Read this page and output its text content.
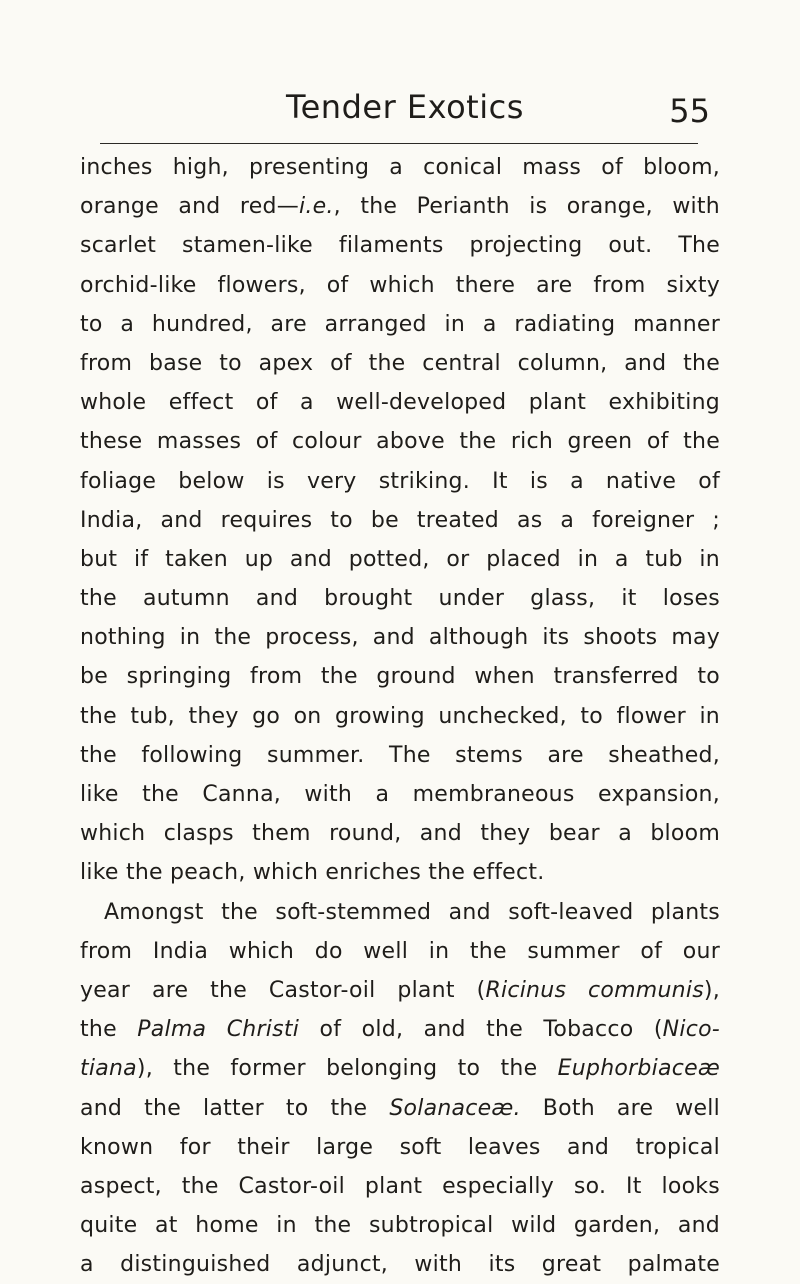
Tender Exotics	55
inches high, presenting a conical mass of bloom,
orange and red—i.e., the Perianth is orange, with
scarlet stamen-like filaments projecting out. The
orchid-like flowers, of which there are from sixty
to a hundred, are arranged in a radiating manner
from base to apex of the central column, and the
whole effect of a well-developed plant exhibiting
these masses of colour above the rich green of the
foliage below is very striking. It is a native of
India, and requires to be treated as a foreigner ;
but if taken up and potted, or placed in a tub in
the autumn and brought under glass, it loses
nothing in the process, and although its shoots may
be springing from the ground when transferred to
the tub, they go on growing unchecked, to flower in
the following summer. The stems are sheathed,
like the Canna, with a membraneous expansion,
which clasps them round, and they bear a bloom
like the peach, which enriches the effect.
Amongst the soft-stemmed and soft-leaved plants
from India which do well in the summer of our
year are the Castor-oil plant (Ricinus communis),
the Palma Christi of old, and the Tobacco (Nico-
tiana), the former belonging to the Euphorbiaceæ
and the latter to the Solanaceæ. Both are well
known for their large soft leaves and tropical
aspect, the Castor-oil plant especially so. It looks
quite at home in the subtropical wild garden, and
a distinguished adjunct, with its great palmate
